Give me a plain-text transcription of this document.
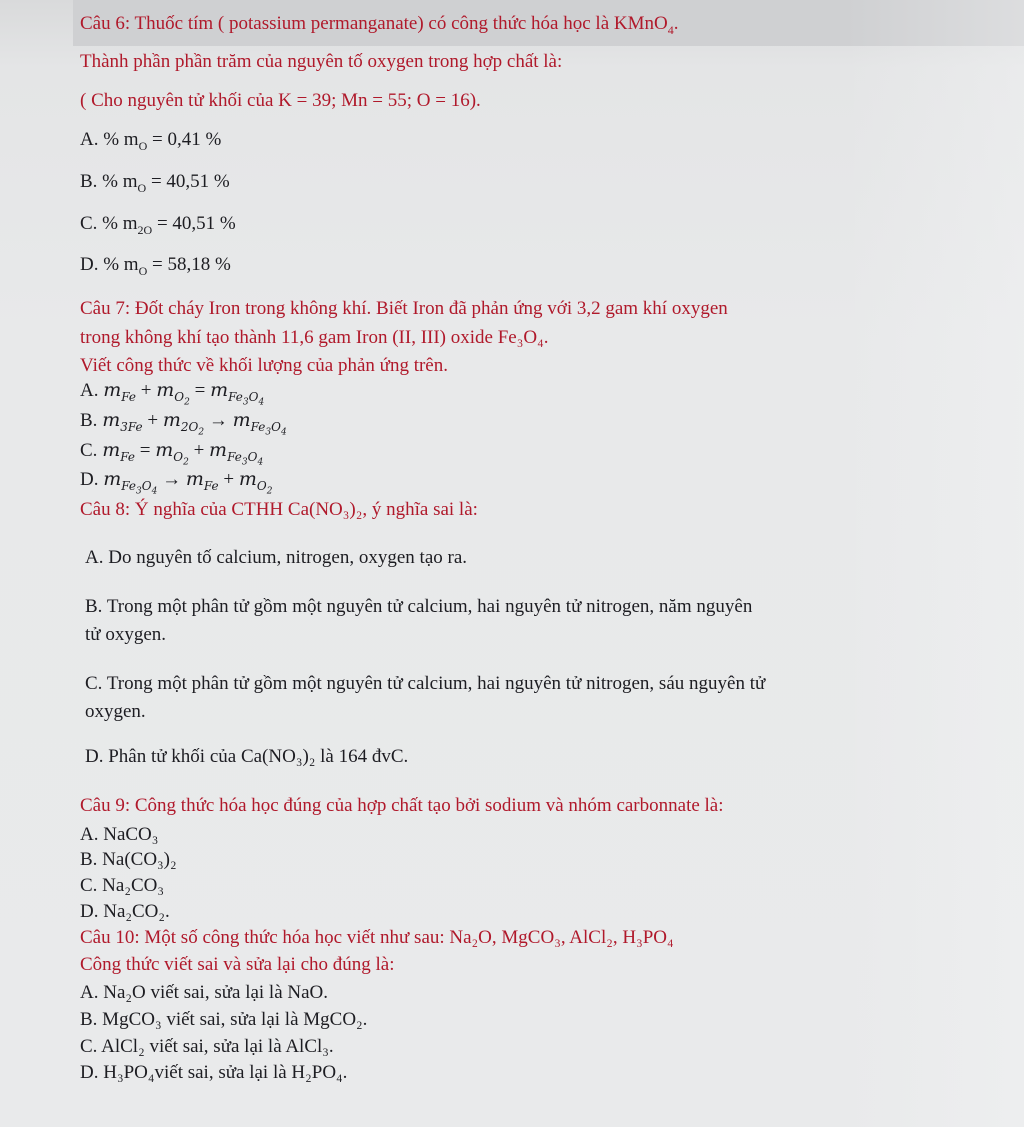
Câu 6: Thuốc tím ( potassium permanganate) có công thức hóa học là KMnO$_4$.
Thành phần phần trăm của nguyên tố oxygen trong hợp chất là:
( Cho nguyên tử khối của K = 39; Mn = 55; O = 16).
A. % $m_O = 0,41$ %
B. % $m_O = 40,51$ %
C. % $m_{2O} = 40,51$ %
D. % $m_O = 58,18$ %
Câu 7: Đốt cháy Iron trong không khí. Biết Iron đã phản ứng với 3,2 gam khí oxygen
trong không khí tạo thành 11,6 gam Iron (II, III) oxide Fe₃O₄.
Viết công thức về khối lượng của phản ứng trên.
A. $m_{Fe} + m_{O_2} = m_{Fe_3O_4}$
B. $m_{3Fe} + m_{2O_2} \to m_{Fe_3O_4}$
C. $m_{Fe} = m_{O_2} + m_{Fe_3O_4}$
D. $m_{Fe_3O_4} \to m_{Fe} + m_{O_2}$
Câu 8: Ý nghĩa của CTHH Ca(NO₃)₂, ý nghĩa sai là:
A. Do nguyên tố calcium, nitrogen, oxygen tạo ra.
B. Trong một phân tử gồm một nguyên tử calcium, hai nguyên tử nitrogen, năm nguyên
tử oxygen.
C. Trong một phân tử gồm một nguyên tử calcium, hai nguyên tử nitrogen, sáu nguyên tử
oxygen.
D. Phân tử khối của Ca(NO₃)₂ là 164 đvC.
Câu 9: Công thức hóa học đúng của hợp chất tạo bởi sodium và nhóm carbonnate là:
A. NaCO₃
B. Na(CO₃)₂
C. Na₂CO₃
D. Na₂CO₂.
Câu 10: Một số công thức hóa học viết như sau: Na₂O, MgCO₃, AlCl₂, H₃PO₄
Công thức viết sai và sửa lại cho đúng là:
A. Na₂O viết sai, sửa lại là NaO.
B. MgCO₃ viết sai, sửa lại là MgCO₂.
C. AlCl₂ viết sai, sửa lại là AlCl₃.
D. H₃PO₄viết sai, sửa lại là H₂PO₄.
